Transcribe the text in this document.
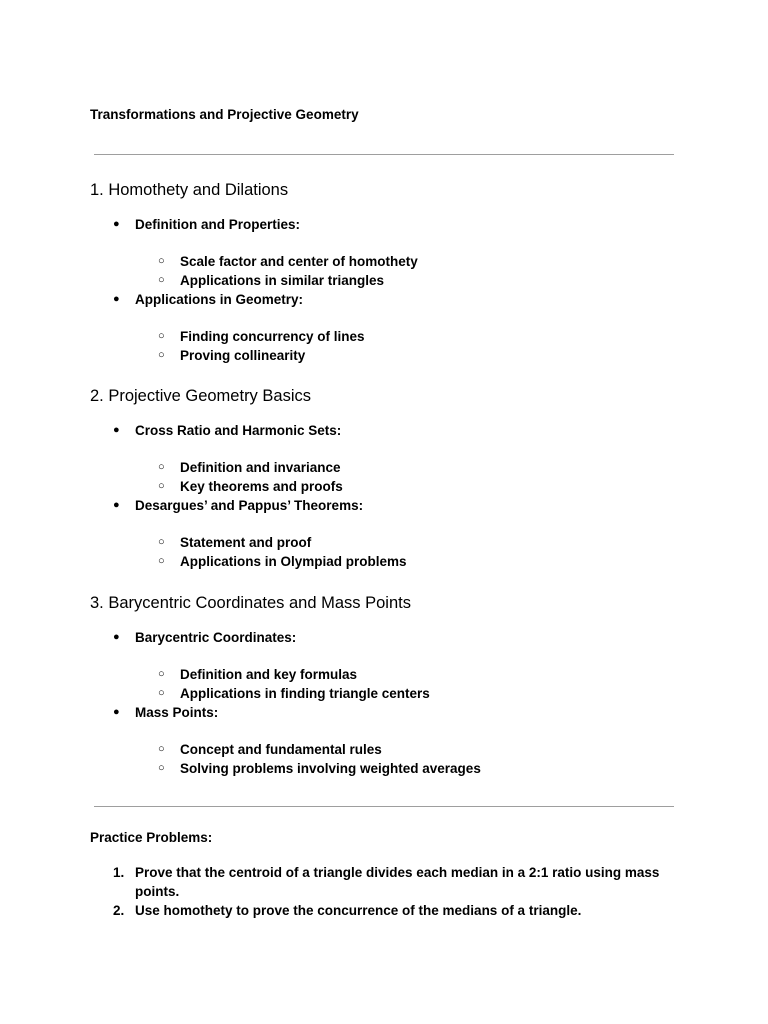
Transformations and Projective Geometry
1. Homothety and Dilations
● Definition and Properties:
○ Scale factor and center of homothety
○ Applications in similar triangles
● Applications in Geometry:
○ Finding concurrency of lines
○ Proving collinearity
2. Projective Geometry Basics
● Cross Ratio and Harmonic Sets:
○ Definition and invariance
○ Key theorems and proofs
● Desargues’ and Pappus’ Theorems:
○ Statement and proof
○ Applications in Olympiad problems
3. Barycentric Coordinates and Mass Points
● Barycentric Coordinates:
○ Definition and key formulas
○ Applications in finding triangle centers
● Mass Points:
○ Concept and fundamental rules
○ Solving problems involving weighted averages
Practice Problems:
1. Prove that the centroid of a triangle divides each median in a 2:1 ratio using mass points.
2. Use homothety to prove the concurrence of the medians of a triangle.
